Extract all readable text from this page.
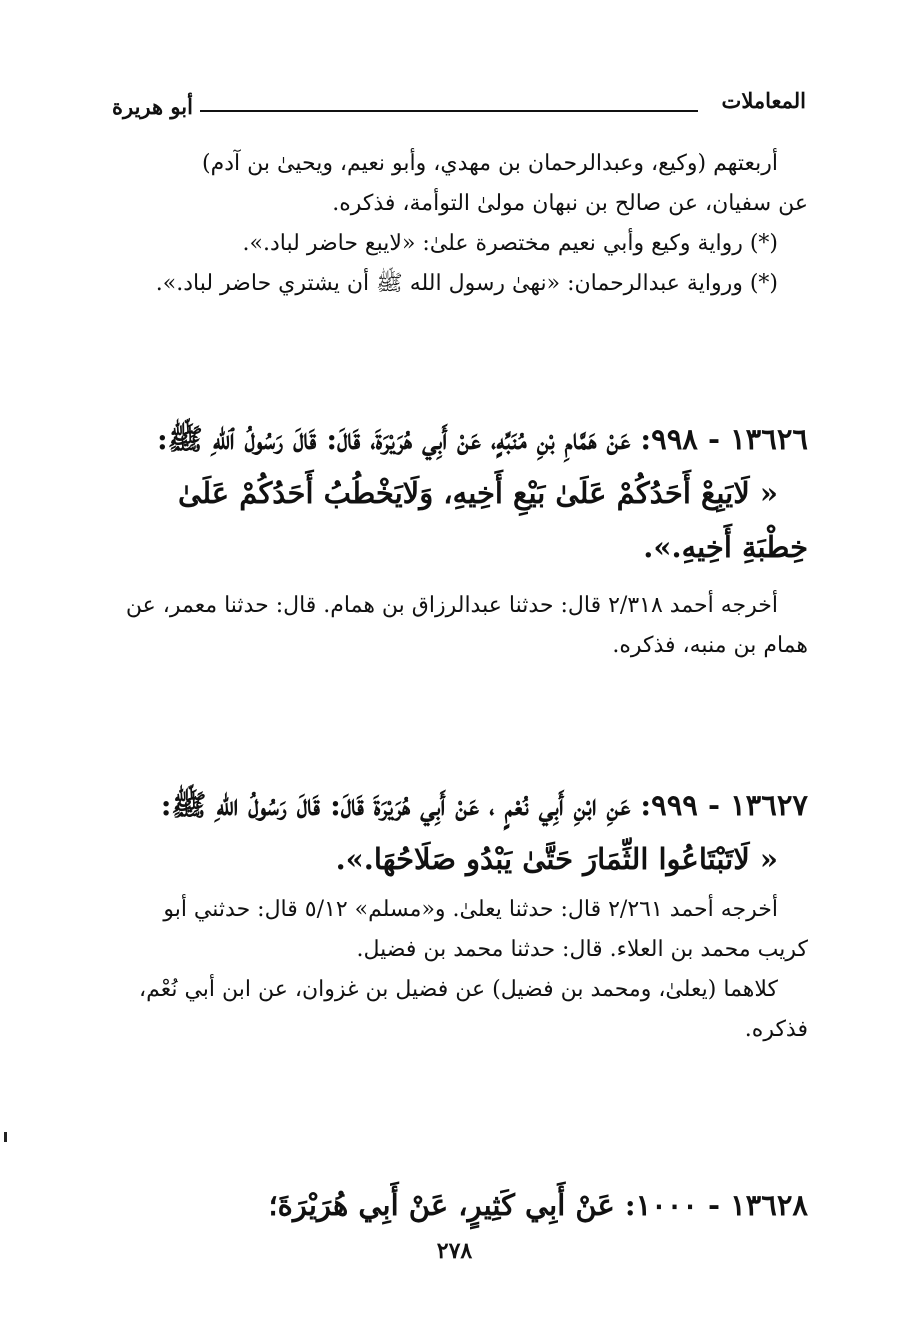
المعاملات
أبو هريرة

أربعتهم (وكيع، وعبدالرحمان بن مهدي، وأبو نعيم، ويحيىٰ بن آدم)

عن سفيان، عن صالح بن نبهان مولىٰ التوأمة، فذكره.

(*) رواية وكيع وأبي نعيم مختصرة علىٰ: «لايبع حاضر لباد.».

(*) ورواية عبدالرحمان: «نهىٰ رسول الله ﷺ أن يشتري حاضر لباد.».

١٣٦٢٦ - ٩٩٨: عَنْ هَمَّامِ بْنِ مُنَبِّهٍ، عَنْ أَبِي هُرَيْرَةَ، قَالَ: قَالَ رَسُولُ ٱللهِ ﷺ:

« لَايَبِعْ أَحَدُكُمْ عَلَىٰ بَيْعِ أَخِيهِ، وَلَايَخْطُبُ أَحَدُكُمْ عَلَىٰ خِطْبَةِ أَخِيهِ.».

أخرجه أحمد ٢/٣١٨ قال: حدثنا عبدالرزاق بن همام. قال: حدثنا معمر، عن همام بن منبه، فذكره.

١٣٦٢٧ - ٩٩٩: عَنِ ابْنِ أَبِي نُعْمٍ ، عَنْ أَبِي هُرَيْرَةَ قَالَ: قَالَ رَسُولُ اللهِ ﷺ:

« لَاتَبْتَاعُوا الثِّمَارَ حَتَّىٰ يَبْدُو صَلَاحُهَا.».

أخرجه أحمد ٢/٢٦١ قال: حدثنا يعلىٰ. و«مسلم» ٥/١٢ قال: حدثني أبو كريب محمد بن العلاء. قال: حدثنا محمد بن فضيل.

كلاهما (يعلىٰ، ومحمد بن فضيل) عن فضيل بن غزوان، عن ابن أبي نُعْم، فذكره.

١٣٦٢٨ - ١٠٠٠: عَنْ أَبِي كَثِيرٍ، عَنْ أَبِي هُرَيْرَةَ؛

٢٧٨
